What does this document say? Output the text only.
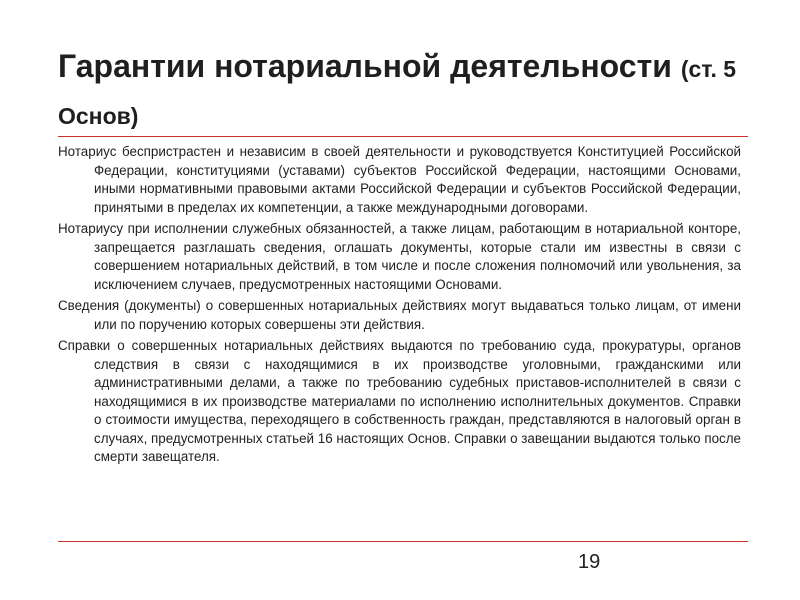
Гарантии нотариальной деятельности (ст. 5 Основ)

Нотариус беспристрастен и независим в своей деятельности и руководствуется Конституцией Российской Федерации, конституциями (уставами) субъектов Российской Федерации, настоящими Основами, иными нормативными правовыми актами Российской Федерации и субъектов Российской Федерации, принятыми в пределах их компетенции, а также международными договорами.

Нотариусу при исполнении служебных обязанностей, а также лицам, работающим в нотариальной конторе, запрещается разглашать сведения, оглашать документы, которые стали им известны в связи с совершением нотариальных действий, в том числе и после сложения полномочий или увольнения, за исключением случаев, предусмотренных настоящими Основами.

Сведения (документы) о совершенных нотариальных действиях могут выдаваться только лицам, от имени или по поручению которых совершены эти действия.

Справки о совершенных нотариальных действиях выдаются по требованию суда, прокуратуры, органов следствия в связи с находящимися в их производстве уголовными, гражданскими или административными делами, а также по требованию судебных приставов-исполнителей в связи с находящимися в их производстве материалами по исполнению исполнительных документов. Справки о стоимости имущества, переходящего в собственность граждан, представляются в налоговый орган в случаях, предусмотренных статьей 16 настоящих Основ. Справки о завещании выдаются только после смерти завещателя.

19
